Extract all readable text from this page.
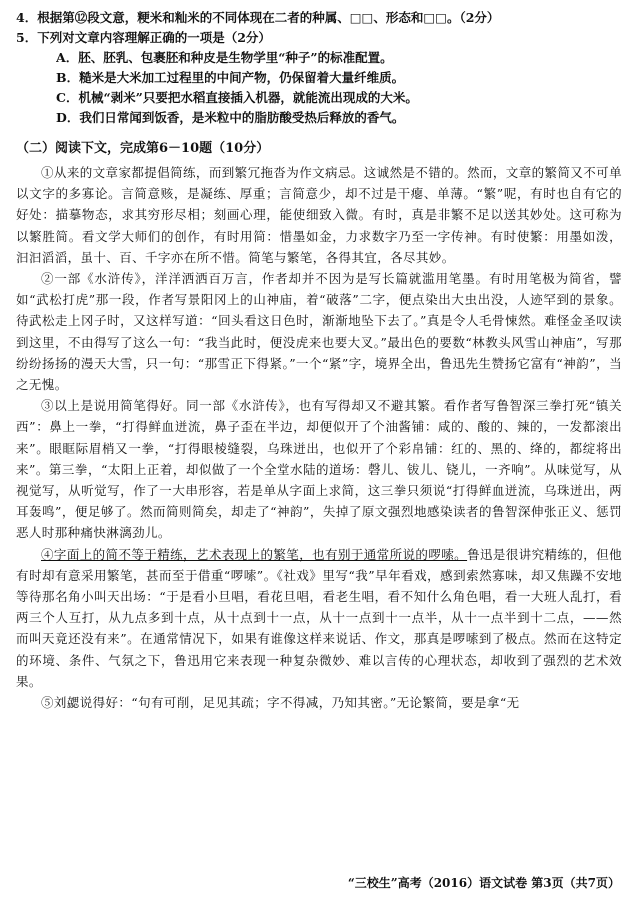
4．根据第⑫段文意，粳米和籼米的不同体现在二者的种属、□□、形态和□□。（2分）

5．下列对文章内容理解正确的一项是（2分）

A．胚、胚乳、包裹胚和种皮是生物学里“种子”的标准配置。

B．糙米是大米加工过程里的中间产物，仍保留着大量纤维质。

C．机械“剥米”只要把水稻直接插入机器，就能流出现成的大米。

D．我们日常闻到饭香，是米粒中的脂肪酸受热后释放的香气。

（二）阅读下文，完成第6－10题（10分）

①从来的文章家都提倡简练，而到繁冗拖沓为作文病忌。这诚然是不错的。然而，文章的繁简又不可单以文字的多寡论。言简意赅，是凝练、厚重；言简意少，却不过是干瘪、单薄。“繁”呢，有时也自有它的好处：描摹物态，求其穷形尽相；刻画心理，能使细致入微。有时，真是非繁不足以送其妙处。这可称为以繁胜简。看文学大师们的创作，有时用简：惜墨如金，力求数字乃至一字传神。有时使繁：用墨如泼，汩汩滔滔，虽十、百、千字亦在所不惜。简笔与繁笔，各得其宜，各尽其妙。

②一部《水浒传》，洋洋洒洒百万言，作者却并不因为是写长篇就滥用笔墨。有时用笔极为简省，譬如“武松打虎”那一段，作者写景阳冈上的山神庙，着“破落”二字，便点染出大虫出没，人迹罕到的景象。待武松走上冈子时，又这样写道：“回头看这日色时，渐渐地坠下去了。”真是令人毛骨悚然。难怪金圣叹读到这里，不由得写了这么一句：“我当此时，便没虎来也要大叉。”最出色的要数“林教头风雪山神庙”，写那纷纷扬扬的漫天大雪，只一句：“那雪正下得紧。”一个“紧”字，境界全出，鲁迅先生赞扬它富有“神韵”，当之无愧。

③以上是说用简笔得好。同一部《水浒传》，也有写得却又不避其繁。看作者写鲁智深三拳打死“镇关西”：鼻上一拳，“打得鲜血迸流，鼻子歪在半边，却便似开了个油酱铺：咸的、酸的、辣的，一发都滚出来”。眼眶际眉梢又一拳，“打得眼棱缝裂，乌珠迸出，也似开了个彩帛铺：红的、黑的、绛的，都绽将出来”。第三拳，“太阳上正着，却似做了一个全堂水陆的道场：磬儿、钹儿、铙儿，一齐响”。从味觉写，从视觉写，从听觉写，作了一大串形容，若是单从字面上求简，这三拳只须说“打得鲜血迸流，乌珠迸出，两耳轰鸣”，便足够了。然而简则简矣，却走了“神韵”，失掉了原文强烈地感染读者的鲁智深伸张正义、惩罚恶人时那种痛快淋漓劲儿。

④字面上的简不等于精练，艺术表现上的繁笔，也有别于通常所说的啰嗦。鲁迅是很讲究精练的，但他有时却有意采用繁笔，甚而至于借重“啰嗦”。《社戏》里写“我”早年看戏，感到索然寡味，却又焦躁不安地等待那名角小叫天出场：“于是看小旦唱，看花旦唱，看老生唱，看不知什么角色唱，看一大班人乱打，看两三个人互打，从九点多到十点，从十点到十一点，从十一点到十一点半，从十一点半到十二点，——然而叫天竟还没有来”。在通常情况下，如果有谁像这样来说话、作文，那真是啰嗦到了极点。然而在这特定的环境、条件、气氛之下，鲁迅用它来表现一种复杂微妙、难以言传的心理状态，却收到了强烈的艺术效果。

⑤刘勰说得好：“句有可削，足见其疏；字不得减，乃知其密。”无论繁简，要是拿“无

“三校生”高考（2016）语文试卷 第3页（共7页）
